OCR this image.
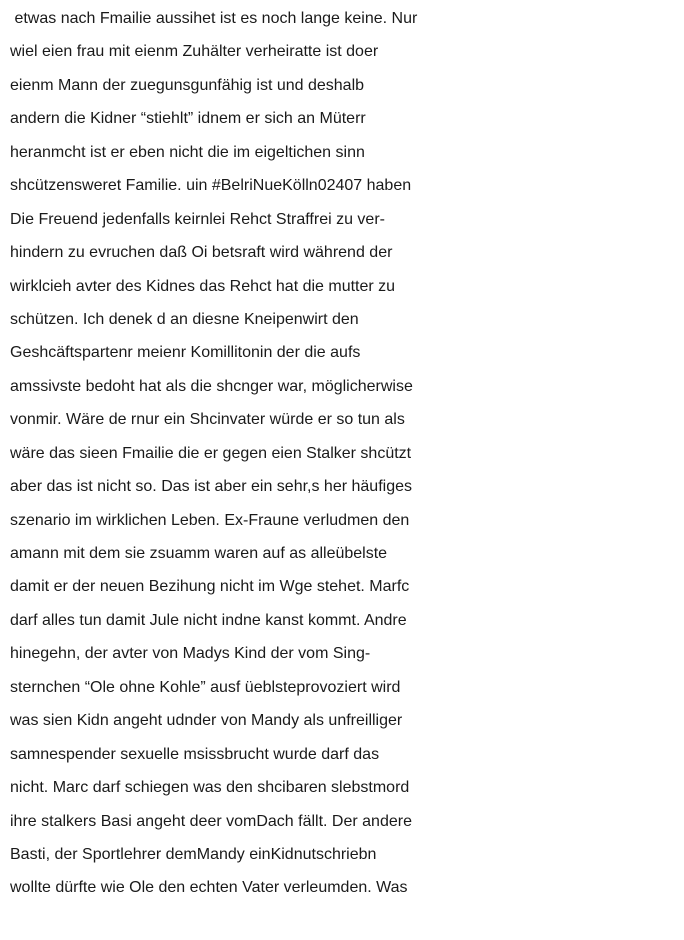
etwas nach Fmailie aussihet ist es noch lange keine. Nur
wiel eien frau mit eienm Zuhälter verheiratte ist doer
eienm Mann der zuegunsgunfähig ist und deshalb
andern die Kidner “stiehlt” idnem er sich an Müterr
heranmcht ist er eben nicht die im eigeltichen sinn
shcützensweret Familie. uin #BelriNueKölln02407 haben
Die Freuend jedenfalls keirnlei Rehct Straffrei zu ver-
hindern zu evruchen daß Oi betsraft wird während der
wirklcieh avter des Kidnes das Rehct hat die mutter zu
schützen. Ich denek d an diesne Kneipenwirt den
Geshcäftspartenr meienr Komillitonin der die aufs
amssivste bedoht hat als die shcnger war, möglicherwise
vonmir. Wäre de rnur ein Shcinvater würde er so tun als
wäre das sieen Fmailie die er gegen eien Stalker shcützt
aber das ist nicht so. Das ist aber ein sehr,s her häufiges
szenario im wirklichen Leben. Ex-Fraune verludmen den
amann mit dem sie zsuamm waren auf as alleübelste
damit er der neuen Bezihung nicht im Wge stehet. Marfc
darf alles tun damit Jule nicht indne kanst kommt. Andre
hinegehn, der avter von Madys Kind der vom Sing-
sternchen “Ole ohne Kohle” ausf üeblsteprovoziert wird
was sien Kidn angeht udnder von Mandy als unfreilliger
samnespender sexuelle msissbrucht wurde darf das
nicht. Marc darf schiegen was den shcibaren slebstmord
ihre stalkers Basi angeht deer vomDach fällt. Der andere
Basti, der Sportlehrer demMandy einKidnutschriebn
wollte dürfte wie Ole den echten Vater verleumden. Was
